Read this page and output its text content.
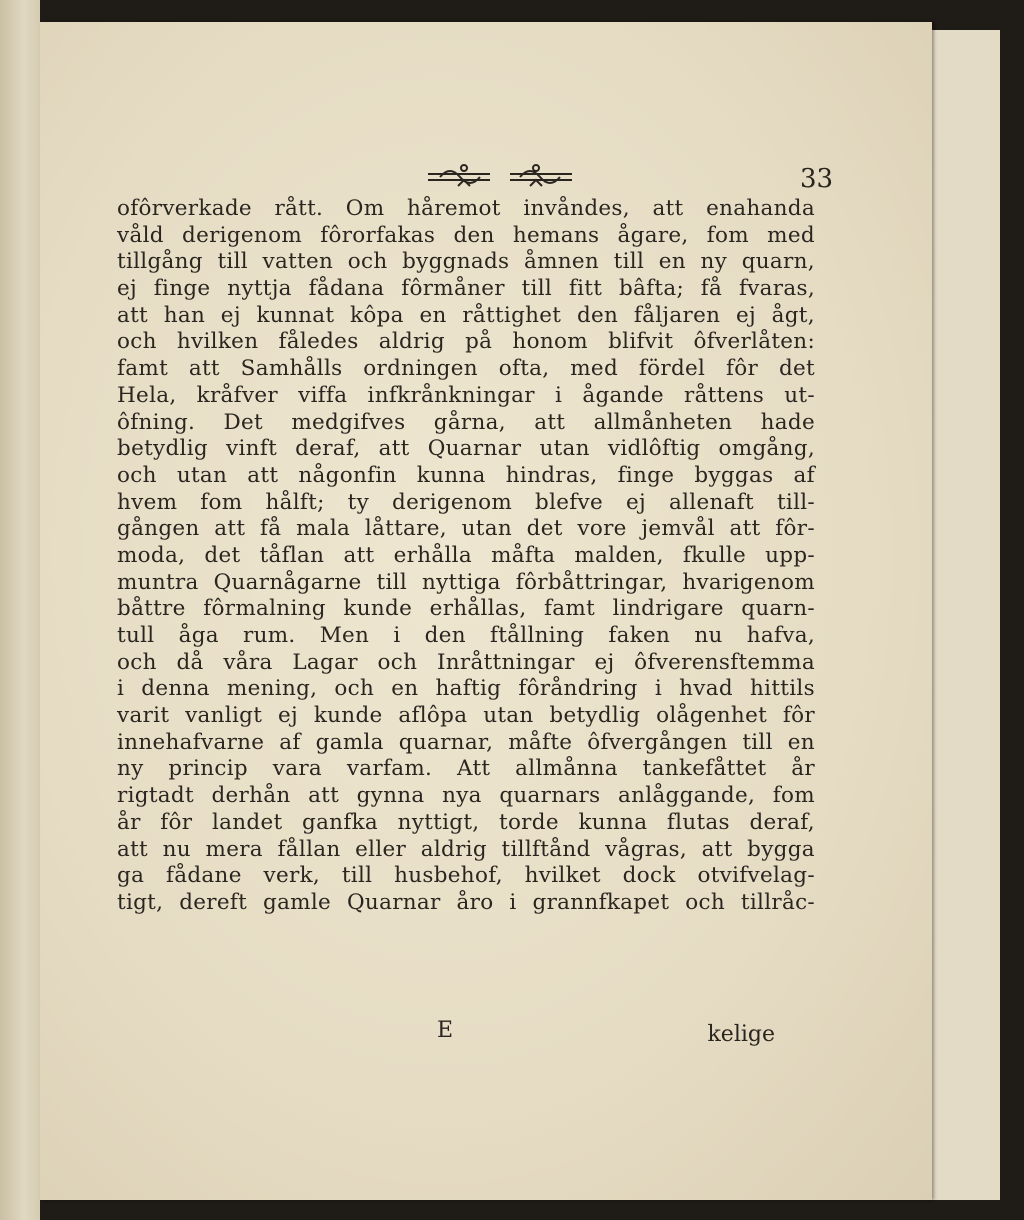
33
ofôrverkade rått. Om håremot invåndes, att enahanda
våld derigenom fôrorfakas den hemans ågare, fom med
tillgång till vatten och byggnads åmnen till en ny quarn,
ej finge nyttja fådana fôrmåner till fitt bâfta; få fvaras,
att han ej kunnat kôpa en råttighet den fåljaren ej ågt,
och hvilken fåledes aldrig på honom blifvit ôfverlåten:
famt att Samhålls ordningen ofta, med fördel fôr det
Hela, kråfver viffa infkrånkningar i ågande råttens ut-
ôfning. Det medgifves gårna, att allmånheten hade
betydlig vinft deraf, att Quarnar utan vidlôftig omgång,
och utan att någonfin kunna hindras, finge byggas af
hvem fom hålft; ty derigenom blefve ej allenaft till-
gången att få mala låttare, utan det vore jemvål att fôr-
moda, det tåflan att erhålla måfta malden, fkulle upp-
muntra Quarnågarne till nyttiga fôrbåttringar, hvarigenom
båttre fôrmalning kunde erhållas, famt lindrigare quarn-
tull åga rum. Men i den ftållning faken nu hafva,
och då våra Lagar och Inråttningar ej ôfverensftemma
i denna mening, och en haftig fôråndring i hvad hittils
varit vanligt ej kunde aflôpa utan betydlig olågenhet fôr
innehafvarne af gamla quarnar, måfte ôfvergången till en
ny princip vara varfam. Att allmånna tankefåttet år
rigtadt derhån att gynna nya quarnars anlåggande, fom
år fôr landet ganfka nyttigt, torde kunna flutas deraf,
att nu mera fållan eller aldrig tillftånd vågras, att bygga
ga fådane verk, till husbehof, hvilket dock otvifvelag-
tigt, dereft gamle Quarnar åro i grannfkapet och tillråc-
E	kelige
